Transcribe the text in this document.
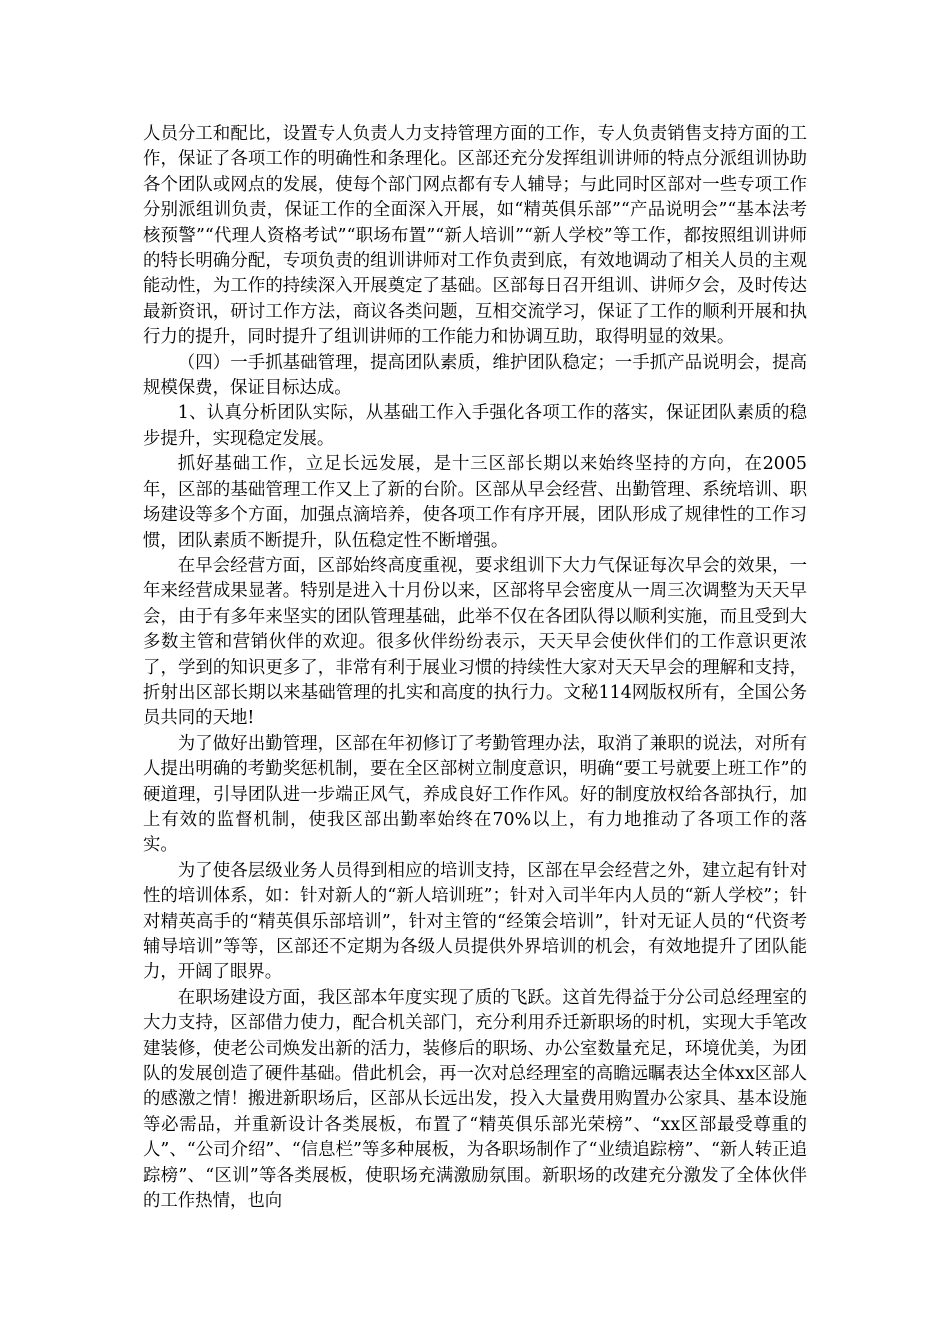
人员分工和配比，设置专人负责人力支持管理方面的工作，专人负责销售支持方面的工作，保证了各项工作的明确性和条理化。区部还充分发挥组训讲师的特点分派组训协助各个团队或网点的发展，使每个部门网点都有专人辅导；与此同时区部对一些专项工作分别派组训负责，保证工作的全面深入开展，如“精英俱乐部”“产品说明会”“基本法考核预警”“代理人资格考试”“职场布置”“新人培训”“新人学校”等工作，都按照组训讲师的特长明确分配，专项负责的组训讲师对工作负责到底，有效地调动了相关人员的主观能动性，为工作的持续深入开展奠定了基础。区部每日召开组训、讲师夕会，及时传达最新资讯，研讨工作方法，商议各类问题，互相交流学习，保证了工作的顺利开展和执行力的提升，同时提升了组训讲师的工作能力和协调互助，取得明显的效果。

（四）一手抓基础管理，提高团队素质，维护团队稳定；一手抓产品说明会，提高规模保费，保证目标达成。

1、认真分析团队实际，从基础工作入手强化各项工作的落实，保证团队素质的稳步提升，实现稳定发展。

抓好基础工作，立足长远发展，是十三区部长期以来始终坚持的方向，在2005年，区部的基础管理工作又上了新的台阶。区部从早会经营、出勤管理、系统培训、职场建设等多个方面，加强点滴培养，使各项工作有序开展，团队形成了规律性的工作习惯，团队素质不断提升，队伍稳定性不断增强。

在早会经营方面，区部始终高度重视，要求组训下大力气保证每次早会的效果，一年来经营成果显著。特别是进入十月份以来，区部将早会密度从一周三次调整为天天早会，由于有多年来坚实的团队管理基础，此举不仅在各团队得以顺利实施，而且受到大多数主管和营销伙伴的欢迎。很多伙伴纷纷表示，天天早会使伙伴们的工作意识更浓了，学到的知识更多了，非常有利于展业习惯的持续性大家对天天早会的理解和支持，折射出区部长期以来基础管理的扎实和高度的执行力。文秘114网版权所有，全国公务员共同的天地!

为了做好出勤管理，区部在年初修订了考勤管理办法，取消了兼职的说法，对所有人提出明确的考勤奖惩机制，要在全区部树立制度意识，明确“要工号就要上班工作”的硬道理，引导团队进一步端正风气，养成良好工作作风。好的制度放权给各部执行，加上有效的监督机制，使我区部出勤率始终在70%以上，有力地推动了各项工作的落实。

为了使各层级业务人员得到相应的培训支持，区部在早会经营之外，建立起有针对性的培训体系，如：针对新人的“新人培训班”；针对入司半年内人员的“新人学校”；针对精英高手的“精英俱乐部培训”，针对主管的“经策会培训”，针对无证人员的“代资考辅导培训”等等，区部还不定期为各级人员提供外界培训的机会，有效地提升了团队能力，开阔了眼界。

在职场建设方面，我区部本年度实现了质的飞跃。这首先得益于分公司总经理室的大力支持，区部借力使力，配合机关部门，充分利用乔迁新职场的时机，实现大手笔改建装修，使老公司焕发出新的活力，装修后的职场、办公室数量充足，环境优美，为团队的发展创造了硬件基础。借此机会，再一次对总经理室的高瞻远瞩表达全体xx区部人的感激之情！搬进新职场后，区部从长远出发，投入大量费用购置办公家具、基本设施等必需品，并重新设计各类展板，布置了“精英俱乐部光荣榜”、“xx区部最受尊重的人”、“公司介绍”、“信息栏”等多种展板，为各职场制作了“业绩追踪榜”、“新人转正追踪榜”、“区训”等各类展板，使职场充满激励氛围。新职场的改建充分激发了全体伙伴的工作热情，也向
